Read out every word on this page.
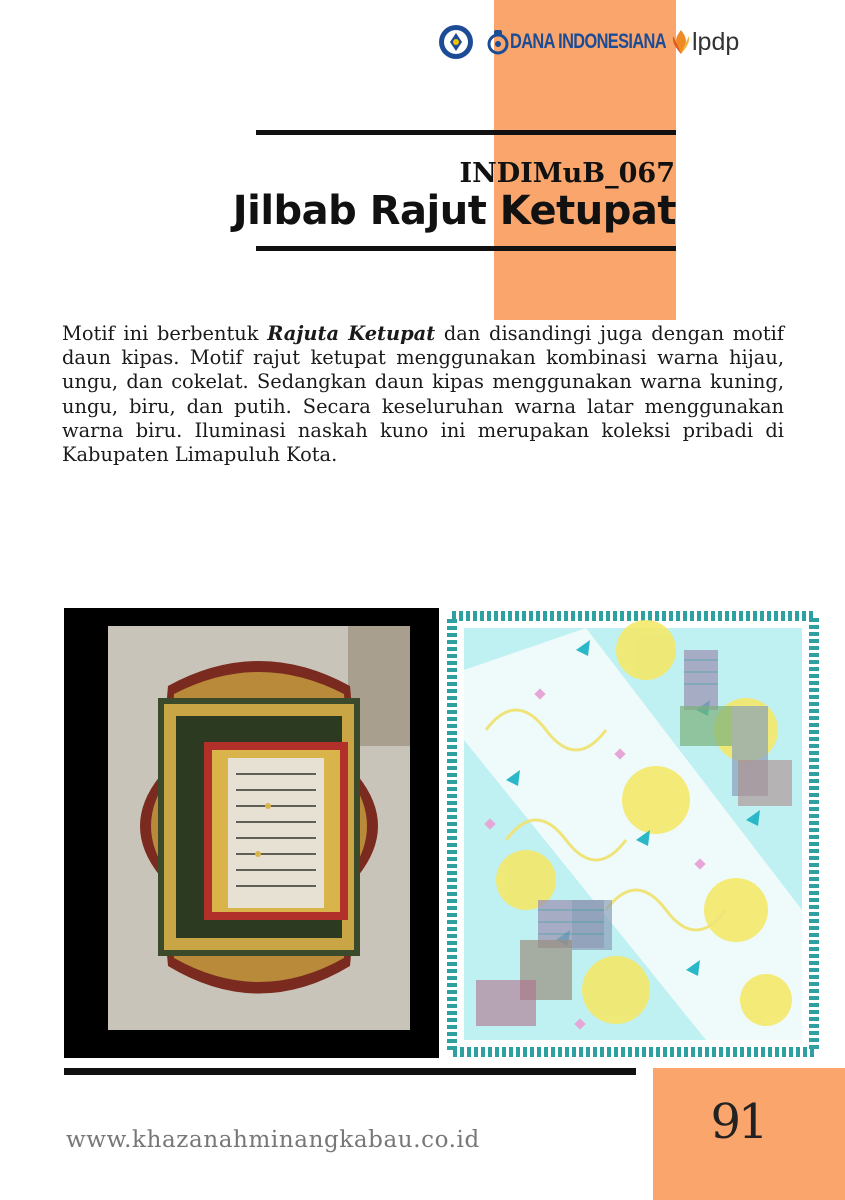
DANA INDONESIANA lpdp
INDIMuB_067
Jilbab Rajut Ketupat
Motif ini berbentuk Rajuta Ketupat dan disandingi juga dengan motif daun kipas. Motif rajut ketupat menggunakan kombinasi warna hijau, ungu, dan cokelat. Sedangkan daun kipas menggunakan warna kuning, ungu, biru, dan putih. Secara keseluruhan warna latar menggunakan warna biru. Iluminasi naskah kuno ini merupakan koleksi pribadi di Kabupaten Limapuluh Kota.
91
www.khazanahminangkabau.co.id
